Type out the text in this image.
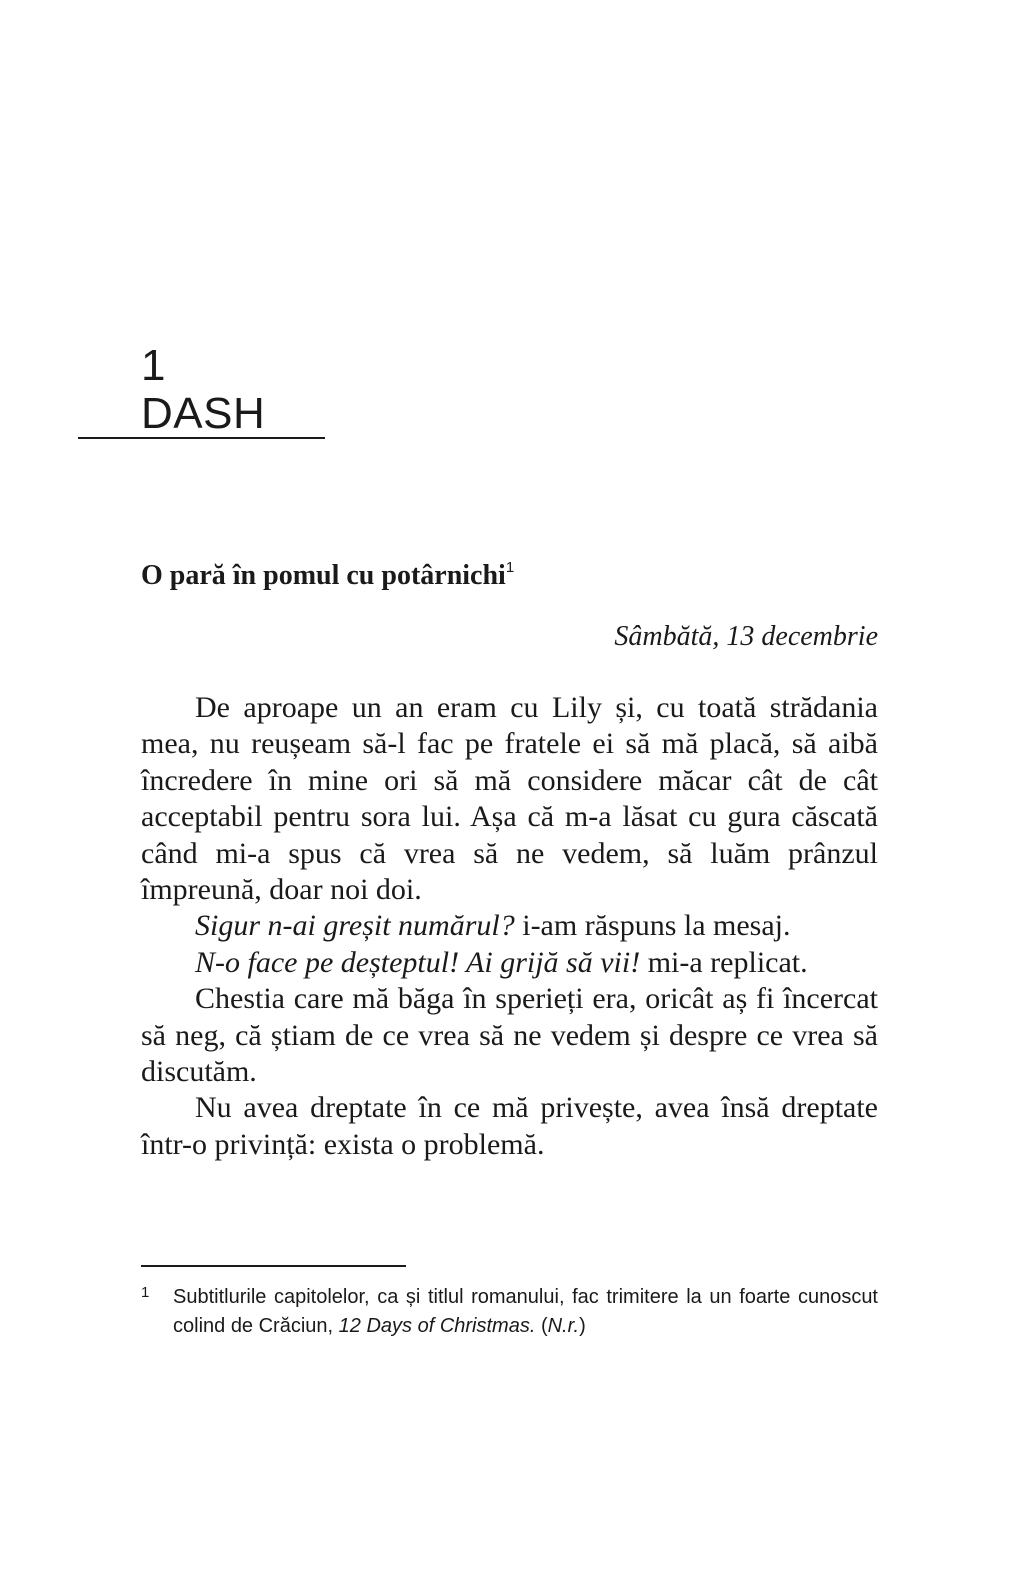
1
DASH
O pară în pomul cu potârnichi$^1$

Sâmbătă, 13 decembrie

De aproape un an eram cu Lily și, cu toată strădania mea, nu reușeam să-l fac pe fratele ei să mă placă, să aibă încredere în mine ori să mă considere măcar cât de cât acceptabil pentru sora lui. Așa că m-a lăsat cu gura căscată când mi-a spus că vrea să ne vedem, să luăm prânzul împreună, doar noi doi.

Sigur n-ai greșit numărul? i-am răspuns la mesaj.

N-o face pe deșteptul! Ai grijă să vii! mi-a replicat.

Chestia care mă băga în sperieți era, oricât aș fi încercat să neg, că știam de ce vrea să ne vedem și despre ce vrea să discutăm.

Nu avea dreptate în ce mă privește, avea însă dreptate într-o privință: exista o problemă.

1 Subtitlurile capitolelor, ca și titlul romanului, fac trimitere la un foarte cunoscut colind de Crăciun, 12 Days of Christmas. (N.r.)
